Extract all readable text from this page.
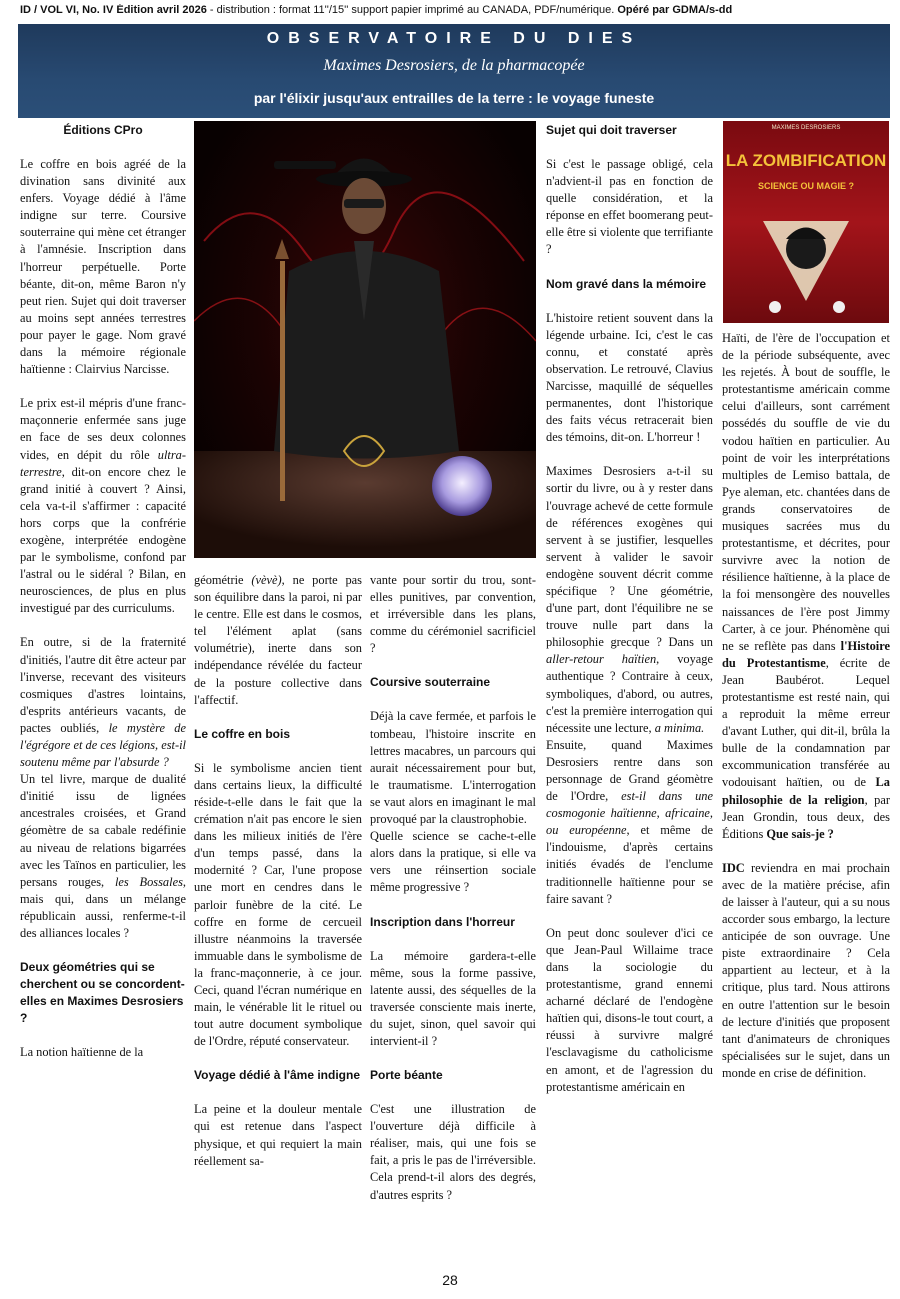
ID / VOL VI, No. IV Édition avril 2026 - distribution : format 11''/15'' support papier imprimé au CANADA, PDF/numérique. Opéré par GDMA/s-dd
OBSERVATOIRE DU DIES
Maximes Desrosiers, de la pharmacopée
par l'élixir jusqu'aux entrailles de la terre : le voyage funeste
MAXIMES DESROSIERS
LA ZOMBIFICATION
SCIENCE OU MAGIE ?

Éditions CPro

Le coffre en bois agréé de la divination sans divinité aux enfers. Voyage dédié à l'âme indigne sur terre. Coursive souterraine qui mène cet étranger à l'amnésie. Inscription dans l'horreur perpétuelle. Porte béante, dit-on, même Baron n'y peut rien. Sujet qui doit traverser au moins sept années terrestres pour payer le gage. Nom gravé dans la mémoire régionale haïtienne : Clairvius Narcisse.

Le prix est-il mépris d'une franc-maçonnerie enfermée sans juge en face de ses deux colonnes vides, en dépit du rôle ultra-terrestre, dit-on encore chez le grand initié à couvert ? Ainsi, cela va-t-il s'affirmer : capacité hors corps que la confrérie exogène, interprétée endogène par le symbolisme, confond par l'astral ou le sidéral ? Bilan, en neurosciences, de plus en plus investigué par des curriculums.

En outre, si de la fraternité d'initiés, l'autre dit être acteur par l'inverse, recevant des visiteurs cosmiques d'astres lointains, d'esprits antérieurs vacants, de pactes oubliés, le mystère de l'égrégore et de ces légions, est-il soutenu même par l'absurde ?

Un tel livre, marque de dualité d'initié issu de lignées ancestrales croisées, et Grand géomètre de sa cabale redéfinie au niveau de relations bigarrées avec les Taïnos en particulier, les persans rouges, les Bossales, mais qui, dans un mélange républicain aussi, renferme-t-il des alliances locales ?

Deux géométries qui se cherchent ou se concordent-elles en Maximes Desrosiers ?

La notion haïtienne de la

géométrie (vèvè), ne porte pas son équilibre dans la paroi, ni par le centre. Elle est dans le cosmos, tel l'élément aplat (sans volumétrie), inerte dans son indépendance révélée du facteur de la posture collective dans l'affectif.

Le coffre en bois

Si le symbolisme ancien tient dans certains lieux, la difficulté réside-t-elle dans le fait que la crémation n'ait pas encore le sien dans les milieux initiés de l'ère d'un temps passé, dans la modernité ? Car, l'une propose une mort en cendres dans le parloir funèbre de la cité. Le coffre en forme de cercueil illustre néanmoins la traversée immuable dans le symbolisme de la franc-maçonnerie, à ce jour. Ceci, quand l'écran numérique en main, le vénérable lit le rituel ou tout autre document symbolique de l'Ordre, réputé conservateur.

Voyage dédié à l'âme indigne

La peine et la douleur mentale qui est retenue dans l'aspect physique, et qui requiert la main réellement sa-

vante pour sortir du trou, sont-elles punitives, par convention, et irréversible dans les plans, comme du cérémoniel sacrificiel ?

Coursive souterraine

Déjà la cave fermée, et parfois le tombeau, l'histoire inscrite en lettres macabres, un parcours qui aurait nécessairement pour but, le traumatisme. L'interrogation se vaut alors en imaginant le mal provoqué par la claustrophobie.

Quelle science se cache-t-elle alors dans la pratique, si elle va vers une réinsertion sociale même progressive ?

Inscription dans l'horreur

La mémoire gardera-t-elle même, sous la forme passive, latente aussi, des séquelles de la traversée consciente mais inerte, du sujet, sinon, quel savoir qui intervient-il ?

Porte béante

C'est une illustration de l'ouverture déjà difficile à réaliser, mais, qui une fois se fait, a pris le pas de l'irréversible. Cela prend-t-il alors des degrés, d'autres esprits ?

Sujet qui doit traverser

Si c'est le passage obligé, cela n'advient-il pas en fonction de quelle considération, et la réponse en effet boomerang peut-elle être si violente que terrifiante ?

Nom gravé dans la mémoire

L'histoire retient souvent dans la légende urbaine. Ici, c'est le cas connu, et constaté après observation. Le retrouvé, Clavius Narcisse, maquillé de séquelles permanentes, dont l'historique des faits vécus retracerait bien des témoins, dit-on. L'horreur !

Maximes Desrosiers a-t-il su sortir du livre, ou à y rester dans l'ouvrage achevé de cette formule de références exogènes qui servent à se justifier, lesquelles servent à valider le savoir endogène souvent décrit comme spécifique ? Une géométrie, d'une part, dont l'équilibre ne se trouve nulle part dans la philosophie grecque ? Dans un aller-retour haïtien, voyage authentique ? Contraire à ceux, symboliques, d'abord, ou autres, c'est la première interrogation qui nécessite une lecture, a minima.

Ensuite, quand Maximes Desrosiers rentre dans son personnage de Grand géomètre de l'Ordre, est-il dans une cosmogonie haïtienne, africaine, ou européenne, et même de l'indouisme, d'après certains initiés évadés de l'enclume traditionnelle haïtienne pour se faire savant ?

On peut donc soulever d'ici ce que Jean-Paul Willaime trace dans la sociologie du protestantisme, grand ennemi acharné déclaré de l'endogène haïtien qui, disons-le tout court, a réussi à survivre malgré l'esclavagisme du catholicisme en amont, et de l'agression du protestantisme américain en

Haïti, de l'ère de l'occupation et de la période subséquente, avec les rejetés. À bout de souffle, le protestantisme américain comme celui d'ailleurs, sont carrément possédés du souffle de vie du vodou haïtien en particulier. Au point de voir les interprétations multiples de Lemiso battala, de Pye aleman, etc. chantées dans de grands conservatoires de musiques sacrées mus du protestantisme, et décrites, pour survivre avec la notion de résilience haïtienne, à la place de la foi mensongère des nouvelles naissances de l'ère post Jimmy Carter, à ce jour. Phénomène qui ne se reflète pas dans l'Histoire du Protestantisme, écrite de Jean Baubérot. Lequel protestantisme est resté nain, qui a reproduit la même erreur d'avant Luther, qui dit-il, brûla la bulle de la condamnation par excommunication transférée au vodouisant haïtien, ou de La philosophie de la religion, par Jean Grondin, tous deux, des Éditions Que sais-je ?

IDC reviendra en mai prochain avec de la matière précise, afin de laisser à l'auteur, qui a su nous accorder sous embargo, la lecture anticipée de son ouvrage. Une piste extraordinaire ? Cela appartient au lecteur, et à la critique, plus tard. Nous attirons en outre l'attention sur le besoin de lecture d'initiés que proposent tant d'animateurs de chroniques spécialisées sur le sujet, dans un monde en crise de définition.

28
